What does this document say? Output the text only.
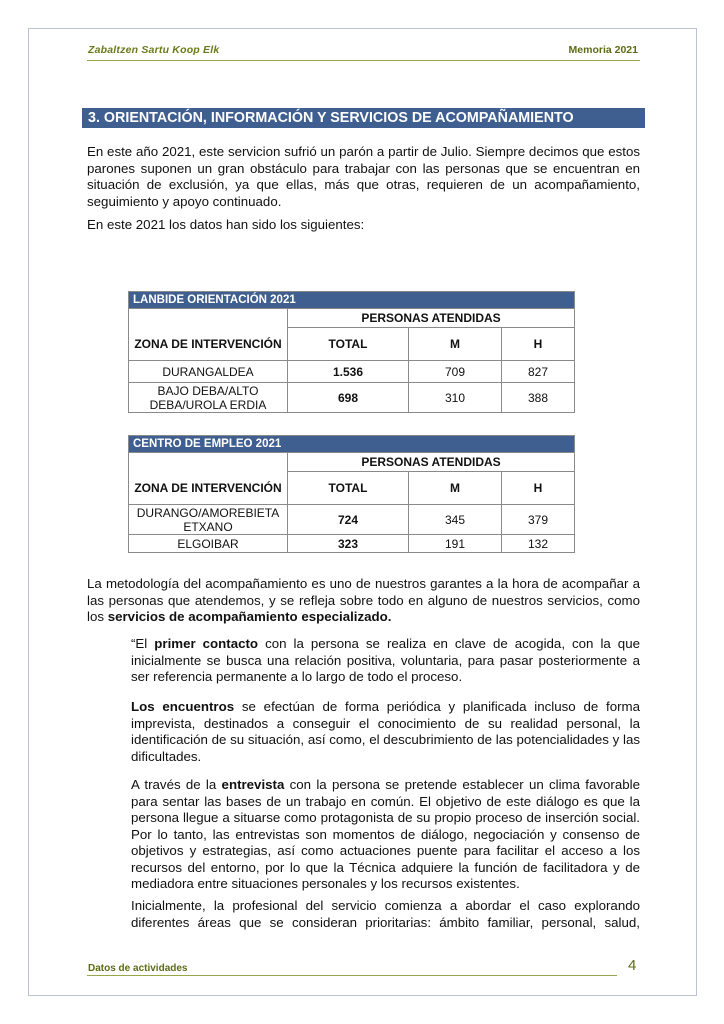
Zabaltzen Sartu Koop Elk	Memoria 2021
3. ORIENTACIÓN, INFORMACIÓN Y SERVICIOS DE ACOMPAÑAMIENTO

En este año 2021, este servicion sufrió un parón a partir de Julio. Siempre decimos que estos parones suponen un gran obstáculo para trabajar con las personas que se encuentran en situación de exclusión, ya que ellas, más que otras, requieren de un acompañamiento, seguimiento y apoyo continuado.

En este 2021 los datos han sido los siguientes:

LANBIDE ORIENTACIÓN 2021			
	PERSONAS ATENDIDAS		
ZONA DE INTERVENCIÓN	TOTAL	M	H
DURANGALDEA	1.536	709	827
BAJO DEBA/ALTO DEBA/UROLA ERDIA	698	310	388
CENTRO DE EMPLEO 2021			
	PERSONAS ATENDIDAS		
ZONA DE INTERVENCIÓN	TOTAL	M	H
DURANGO/AMOREBIETA ETXANO	724	345	379
ELGOIBAR	323	191	132

La metodología del acompañamiento es uno de nuestros garantes a la hora de acompañar a las personas que atendemos, y se refleja sobre todo en alguno de nuestros servicios, como los servicios de acompañamiento especializado.

“El primer contacto con la persona se realiza en clave de acogida, con la que inicialmente se busca una relación positiva, voluntaria, para pasar posteriormente a ser referencia permanente a lo largo de todo el proceso.

Los encuentros se efectúan de forma periódica y planificada incluso de forma imprevista, destinados a conseguir el conocimiento de su realidad personal, la identificación de su situación, así como, el descubrimiento de las potencialidades y las dificultades.

A través de la entrevista con la persona se pretende establecer un clima favorable para sentar las bases de un trabajo en común. El objetivo de este diálogo es que la persona llegue a situarse como protagonista de su propio proceso de inserción social. Por lo tanto, las entrevistas son momentos de diálogo, negociación y consenso de objetivos y estrategias, así como actuaciones puente para facilitar el acceso a los recursos del entorno, por lo que la Técnica adquiere la función de facilitadora y de mediadora entre situaciones personales y los recursos existentes.

Inicialmente, la profesional del servicio comienza a abordar el caso explorando diferentes áreas que se consideran prioritarias: ámbito familiar, personal, salud,

Datos de actividades	4
